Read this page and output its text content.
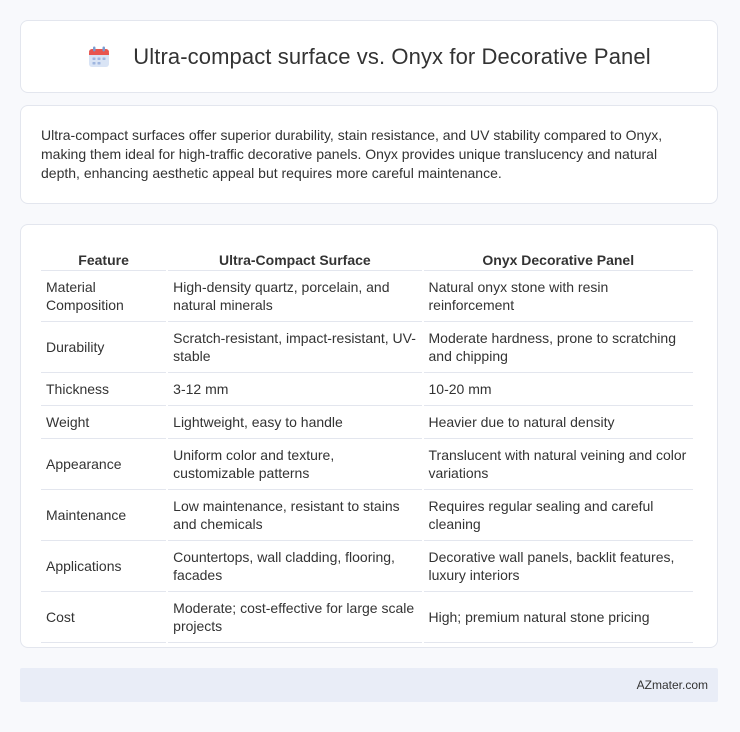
Ultra-compact surface vs. Onyx for Decorative Panel

Ultra-compact surfaces offer superior durability, stain resistance, and UV stability compared to Onyx, making them ideal for high-traffic decorative panels. Onyx provides unique translucency and natural depth, enhancing aesthetic appeal but requires more careful maintenance.

Feature	Ultra-Compact Surface	Onyx Decorative Panel
Material Composition	High-density quartz, porcelain, and natural minerals	Natural onyx stone with resin reinforcement
Durability	Scratch-resistant, impact-resistant, UV-stable	Moderate hardness, prone to scratching and chipping
Thickness	3-12 mm	10-20 mm
Weight	Lightweight, easy to handle	Heavier due to natural density
Appearance	Uniform color and texture, customizable patterns	Translucent with natural veining and color variations
Maintenance	Low maintenance, resistant to stains and chemicals	Requires regular sealing and careful cleaning
Applications	Countertops, wall cladding, flooring, facades	Decorative wall panels, backlit features, luxury interiors
Cost	Moderate; cost-effective for large scale projects	High; premium natural stone pricing
AZmater.com
